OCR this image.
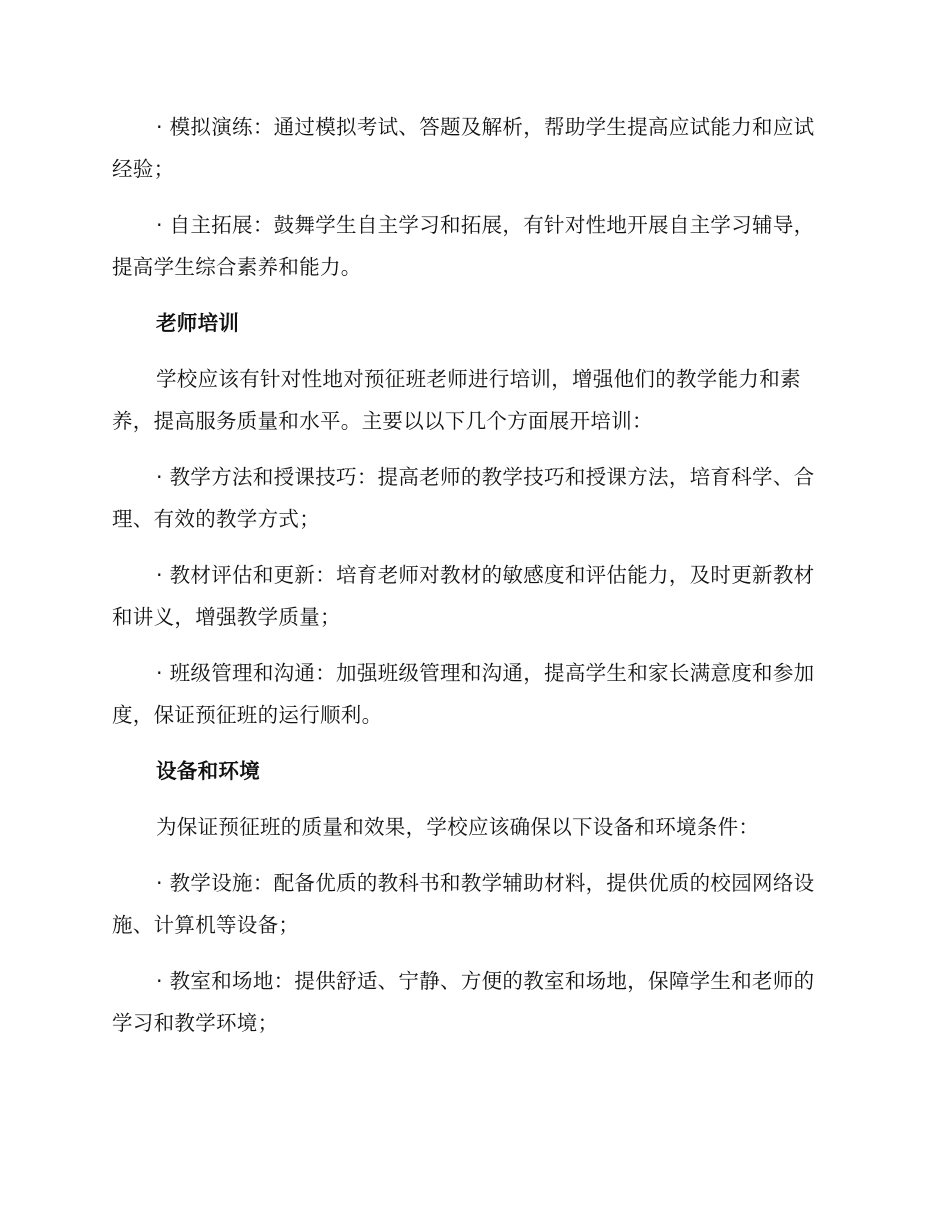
· 模拟演练：通过模拟考试、答题及解析，帮助学生提高应试能力和应试经验；

· 自主拓展：鼓舞学生自主学习和拓展，有针对性地开展自主学习辅导，提高学生综合素养和能力。

老师培训

学校应该有针对性地对预征班老师进行培训，增强他们的教学能力和素养，提高服务质量和水平。主要以以下几个方面展开培训：

· 教学方法和授课技巧：提高老师的教学技巧和授课方法，培育科学、合理、有效的教学方式；

· 教材评估和更新：培育老师对教材的敏感度和评估能力，及时更新教材和讲义，增强教学质量；

· 班级管理和沟通：加强班级管理和沟通，提高学生和家长满意度和参加度，保证预征班的运行顺利。

设备和环境

为保证预征班的质量和效果，学校应该确保以下设备和环境条件：

· 教学设施：配备优质的教科书和教学辅助材料，提供优质的校园网络设施、计算机等设备；

· 教室和场地：提供舒适、宁静、方便的教室和场地，保障学生和老师的学习和教学环境；
